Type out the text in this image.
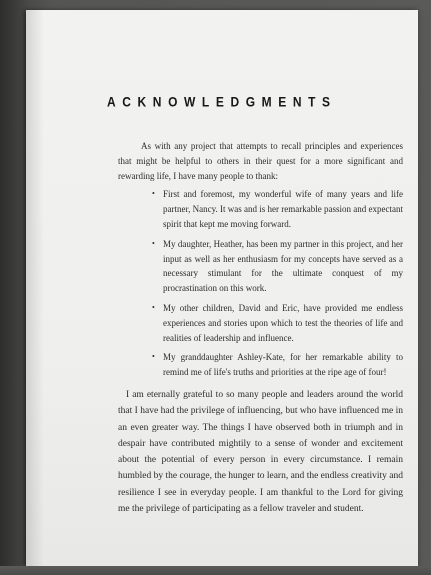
ACKNOWLEDGMENTS

As with any project that attempts to recall principles and experiences that might be helpful to others in their quest for a more significant and rewarding life, I have many people to thank:

• First and foremost, my wonderful wife of many years and life partner, Nancy. It was and is her remarkable passion and expectant spirit that kept me moving forward.
• My daughter, Heather, has been my partner in this project, and her input as well as her enthusiasm for my concepts have served as a necessary stimulant for the ultimate conquest of my procrastination on this work.
• My other children, David and Eric, have provided me endless experiences and stories upon which to test the theories of life and realities of leadership and influence.
• My granddaughter Ashley-Kate, for her remarkable ability to remind me of life's truths and priorities at the ripe age of four!

I am eternally grateful to so many people and leaders around the world that I have had the privilege of influencing, but who have influenced me in an even greater way. The things I have observed both in triumph and in despair have contributed mightily to a sense of wonder and excitement about the potential of every person in every circumstance. I remain humbled by the courage, the hunger to learn, and the endless creativity and resilience I see in everyday people. I am thankful to the Lord for giving me the privilege of participating as a fellow traveler and student.
